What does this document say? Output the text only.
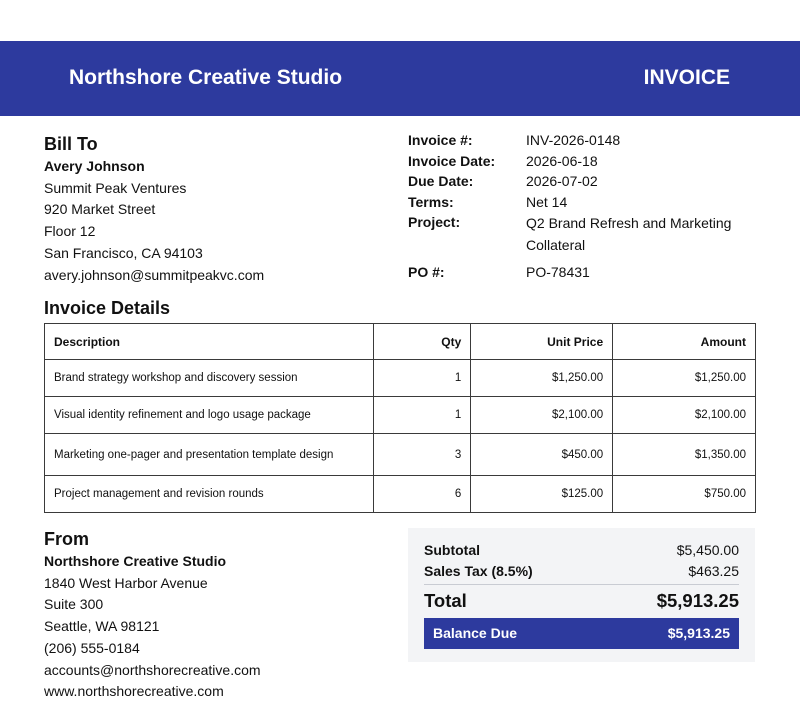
Northshore Creative Studio	INVOICE
Bill To
Avery Johnson
Summit Peak Ventures
920 Market Street
Floor 12
San Francisco, CA 94103
avery.johnson@summitpeakvc.com
Invoice #:	INV-2026-0148
Invoice Date: 2026-06-18
Due Date:	2026-07-02
Terms:	Net 14
Project:	Q2 Brand Refresh and Marketing Collateral
PO #:	PO-78431
Invoice Details
Description	Qty	Unit Price	Amount
Brand strategy workshop and discovery session	1	$1,250.00	$1,250.00
Visual identity refinement and logo usage package	1	$2,100.00	$2,100.00
Marketing one-pager and presentation template design	3	$450.00	$1,350.00
Project management and revision rounds	6	$125.00	$750.00
From
Northshore Creative Studio
1840 West Harbor Avenue
Suite 300
Seattle, WA 98121
(206) 555-0184
accounts@northshorecreative.com
www.northshorecreative.com
Subtotal	$5,450.00
Sales Tax (8.5%)	$463.25
Total	$5,913.25
Balance Due	$5,913.25
